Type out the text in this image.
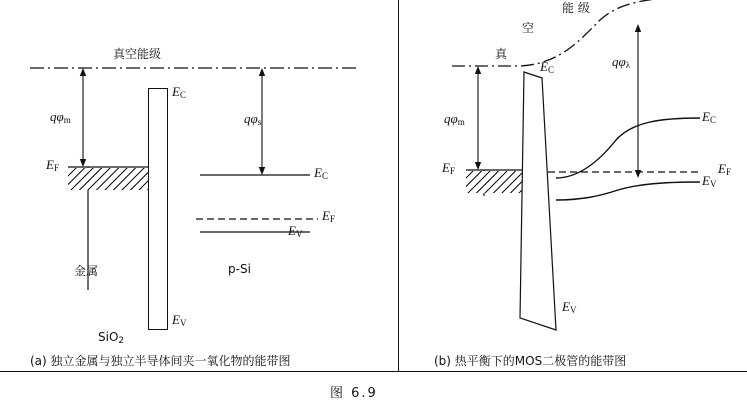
真空能级
$q\varphi_m$	$q\varphi_s$
$E_F$
$E_C$
$E_V$
$E_C$
$E_F$
$E_V$
金属
SiO$_2$
p-Si
(a) 独立金属与独立半导体间夹一氧化物的能带图
真
空
能 级
$q\varphi_m$
$q\varphi_\lambda$
$E_F$
$E_C$
$E_C$
$E_F$
$E_V$
$E_V$
(b) 热平衡下的MOS二极管的能带图
图 6.9
